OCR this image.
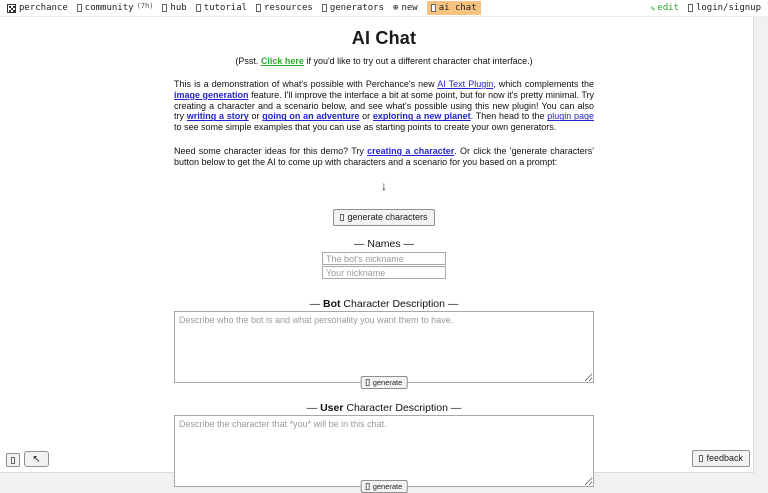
perchance community (7h) hub tutorial resources generators ⊕ new ai chat	✎ edit login/signup
AI Chat
(Psst. Click here if you'd like to try out a different character chat interface.)
This is a demonstration of what's possible with Perchance's new AI Text Plugin, which complements the image generation feature. I'll improve the interface a bit at some point, but for now it's pretty minimal. Try creating a character and a scenario below, and see what's possible using this new plugin! You can also try writing a story or going on an adventure or exploring a new planet. Then head to the plugin page to see some simple examples that you can use as starting points to create your own generators.
Need some character ideas for this demo? Try creating a character. Or click the 'generate characters' button below to get the AI to come up with characters and a scenario for you based on a prompt:
↓
generate characters
— Names —
The bot's nickname
Your nickname
— Bot Character Description —
Describe who the bot is and what personality you want them to have.
generate
— User Character Description —
Describe the character that *you* will be in this chat.
generate
↖	feedback
